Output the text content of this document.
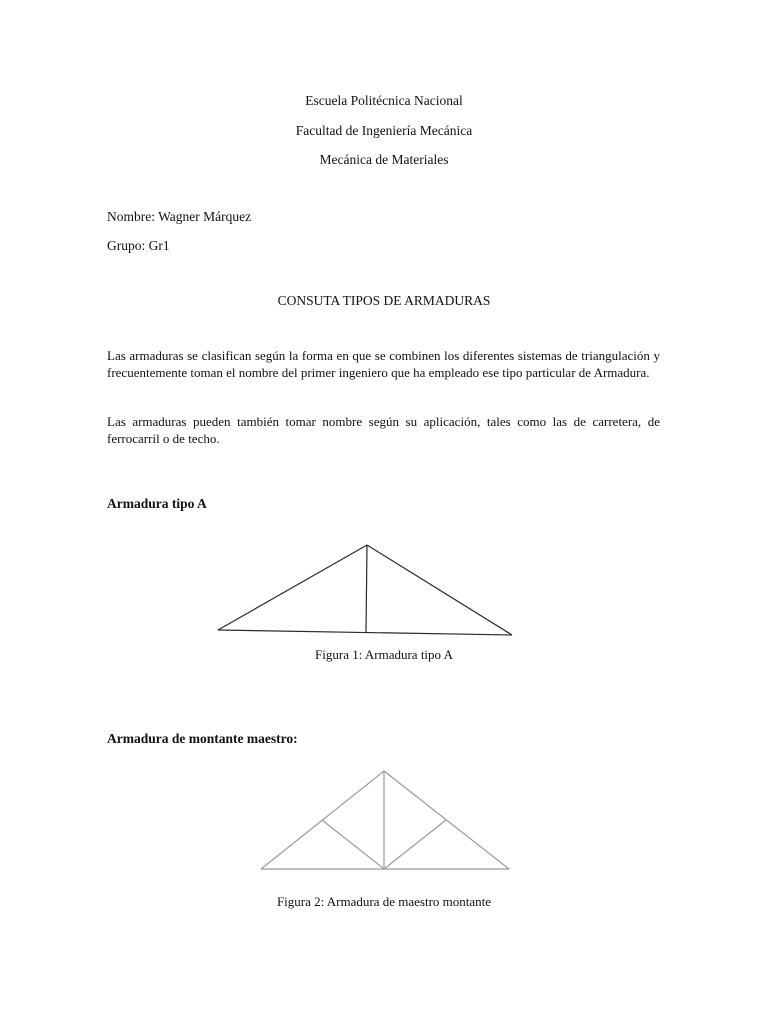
Escuela Politécnica Nacional
Facultad de Ingeniería Mecánica
Mecánica de Materiales
Nombre: Wagner Márquez
Grupo: Gr1
CONSUTA TIPOS DE ARMADURAS

Las armaduras se clasifican según la forma en que se combinen los diferentes sistemas de triangulación y frecuentemente toman el nombre del primer ingeniero que ha empleado ese tipo particular de Armadura.

Las armaduras pueden también tomar nombre según su aplicación, tales como las de carretera, de ferrocarril o de techo.

Armadura tipo A
Figura 1: Armadura tipo A
Armadura de montante maestro:
Figura 2: Armadura de maestro montante
